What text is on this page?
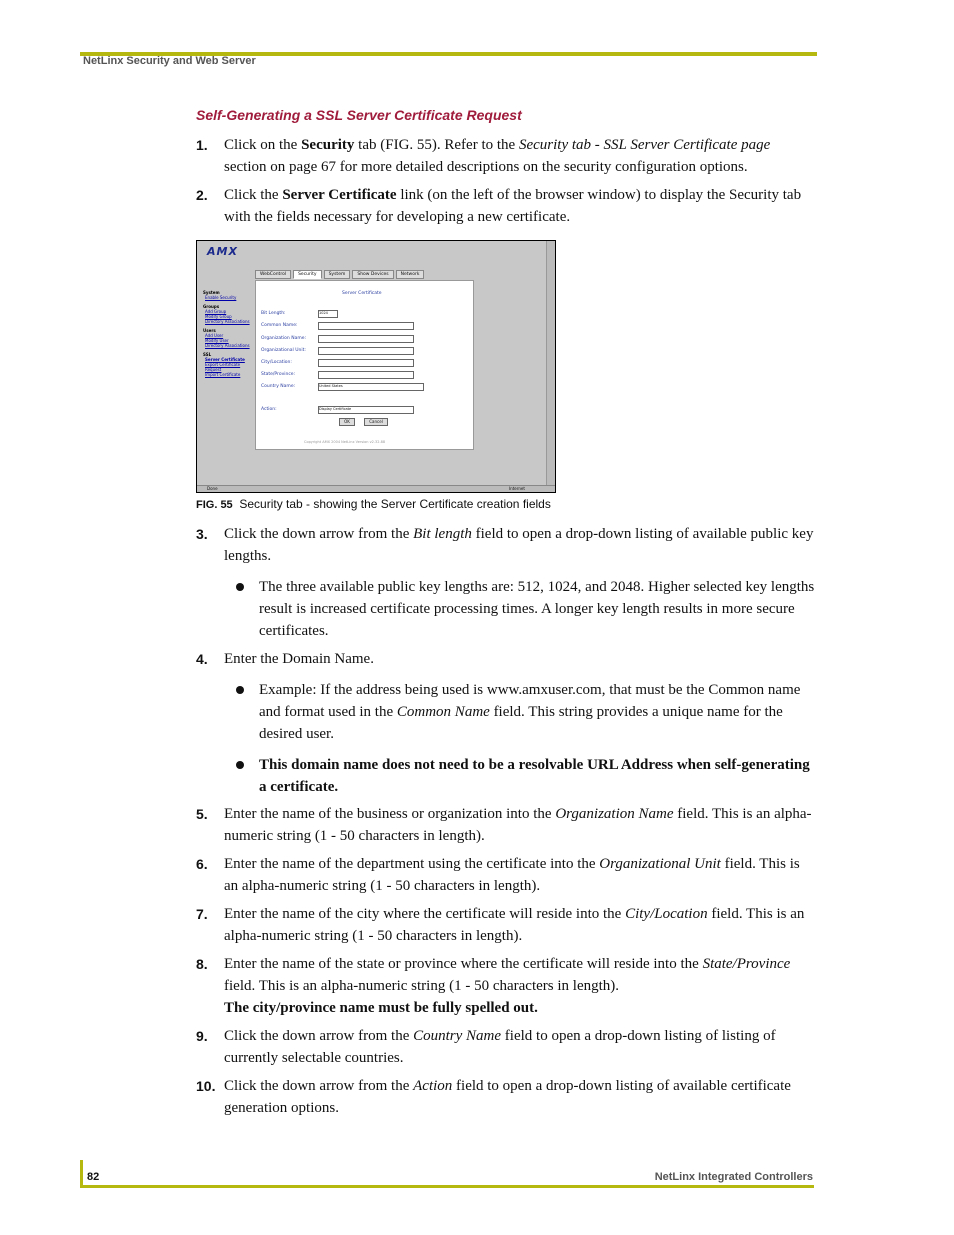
NetLinx Security and Web Server
Self-Generating a SSL Server Certificate Request
1. Click on the Security tab (FIG. 55). Refer to the Security tab - SSL Server Certificate page section on page 67 for more detailed descriptions on the security configuration options.
2. Click the Server Certificate link (on the left of the browser window) to display the Security tab with the fields necessary for developing a new certificate.
AMX
WebControl	Security	System	Show Devices	Network
System
Enable Security
Groups
Add Group
Modify Group
Directory Associations
Users
Add User
Modify User
Directory Associations
SSL
Server Certificate
Export Certificate Request
Import Certificate
Server Certificate
Bit Length:	1024
Common Name:
Organization Name:
Organizational Unit:
City/Location:
State/Province:
Country Name:	United States
Action:	Display Certificate
OK	Cancel
Copyright AMX 2004 NetLinx Version v2.32.88
Done	Internet
FIG. 55 Security tab - showing the Server Certificate creation fields
3. Click the down arrow from the Bit length field to open a drop-down listing of available public key lengths.
The three available public key lengths are: 512, 1024, and 2048. Higher selected key lengths result is increased certificate processing times. A longer key length results in more secure certificates.
4. Enter the Domain Name.
Example: If the address being used is www.amxuser.com, that must be the Common name and format used in the Common Name field. This string provides a unique name for the desired user.
This domain name does not need to be a resolvable URL Address when self-generating a certificate.
5. Enter the name of the business or organization into the Organization Name field. This is an alpha-numeric string (1 - 50 characters in length).
6. Enter the name of the department using the certificate into the Organizational Unit field. This is an alpha-numeric string (1 - 50 characters in length).
7. Enter the name of the city where the certificate will reside into the City/Location field. This is an alpha-numeric string (1 - 50 characters in length).
8. Enter the name of the state or province where the certificate will reside into the State/Province field. This is an alpha-numeric string (1 - 50 characters in length).
The city/province name must be fully spelled out.
9. Click the down arrow from the Country Name field to open a drop-down listing of listing of currently selectable countries.
10. Click the down arrow from the Action field to open a drop-down listing of available certificate generation options.
82	NetLinx Integrated Controllers
